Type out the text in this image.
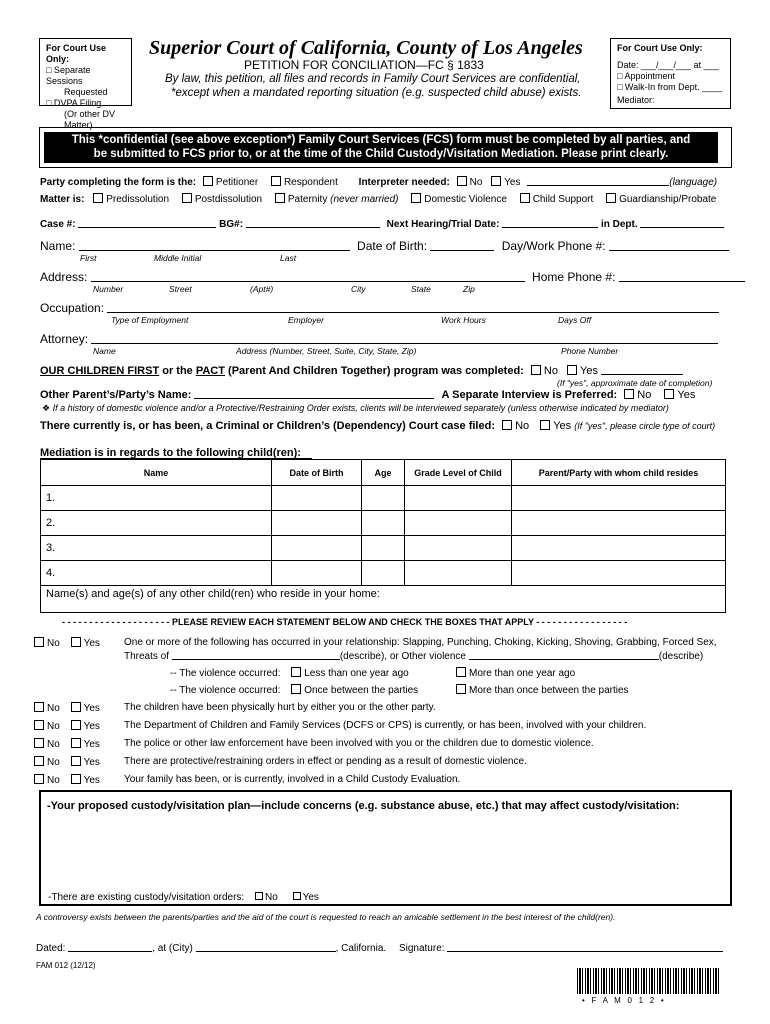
For Court Use Only:
□ Separate Sessions
Requested
□ DVPA Filing
(Or other DV
Matter)
Superior Court of California, County of Los Angeles
PETITION FOR CONCILIATION—FC § 1833
By law, this petition, all files and records in Family Court Services are confidential,
*except when a mandated reporting situation (e.g. suspected child abuse) exists.
For Court Use Only:
Date: ___/___/___ at ___
□ Appointment
□ Walk-In from Dept. ____
Mediator:
This *confidential (see above exception*) Family Court Services (FCS) form must be completed by all parties, and
be submitted to FCS prior to, or at the time of the Child Custody/Visitation Mediation. Please print clearly.
Party completing the form is the: Petitioner	Respondent Interpreter needed: No Yes	(language)
Matter is: Predissolution	Postdissolution	Paternity (never married)	Domestic Violence	Child Support	Guardianship/Probate
Case #:	BG#:	Next Hearing/Trial Date:	in Dept.
Name:	Date of Birth:	Day/Work Phone #:
First	Middle Initial	Last
Address:	Home Phone #:
Number	Street	(Apt#)	City	State	Zip
Occupation:
Type of Employment	Employer	Work Hours	Days Off
Attorney:
Name	Address (Number, Street, Suite, City, State, Zip)	Phone Number
OUR CHILDREN FIRST or the PACT (Parent And Children Together) program was completed: No Yes
(If "yes", approximate date of completion)
Other Parent’s/Party’s Name:	A Separate Interview is Preferred: No Yes
❖ If a history of domestic violence and/or a Protective/Restraining Order exists, clients will be interviewed separately (unless otherwise indicated by mediator)
There currently is, or has been, a Criminal or Children’s (Dependency) Court case filed: No Yes (If "yes", please circle type of court)
Mediation is in regards to the following child(ren):
Name	Date of Birth	Age	Grade Level of Child	Parent/Party with whom child resides
1.				
2.				
3.				
4.				
Name(s) and age(s) of any other child(ren) who reside in your home:				
- - - - - - - - - - - - - - - - - - - - PLEASE REVIEW EACH STATEMENT BELOW AND CHECK THE BOXES THAT APPLY - - - - - - - - - - - - - - - - -
No Yes One or more of the following has occurred in your relationship: Slapping, Punching, Choking, Kicking, Shoving, Grabbing, Forced Sex,
Threats of	(describe), or Other violence	(describe)
-- The violence occurred: Less than one year ago	More than one year ago
-- The violence occurred: Once between the parties	More than once between the parties
No Yes The children have been physically hurt by either you or the other party.
No Yes The Department of Children and Family Services (DCFS or CPS) is currently, or has been, involved with your children.
No Yes The police or other law enforcement have been involved with you or the children due to domestic violence.
No Yes There are protective/restraining orders in effect or pending as a result of domestic violence.
No Yes Your family has been, or is currently, involved in a Child Custody Evaluation.
-Your proposed custody/visitation plan—include concerns (e.g. substance abuse, etc.) that may affect custody/visitation:
-There are existing custody/visitation orders: No Yes
A controversy exists between the parents/parties and the aid of the court is requested to reach an amicable settlement in the best interest of the child(ren).
Dated:	, at (City)	, California. Signature:
FAM 012 (12/12)
•   F   A   M   0   1   2   •
